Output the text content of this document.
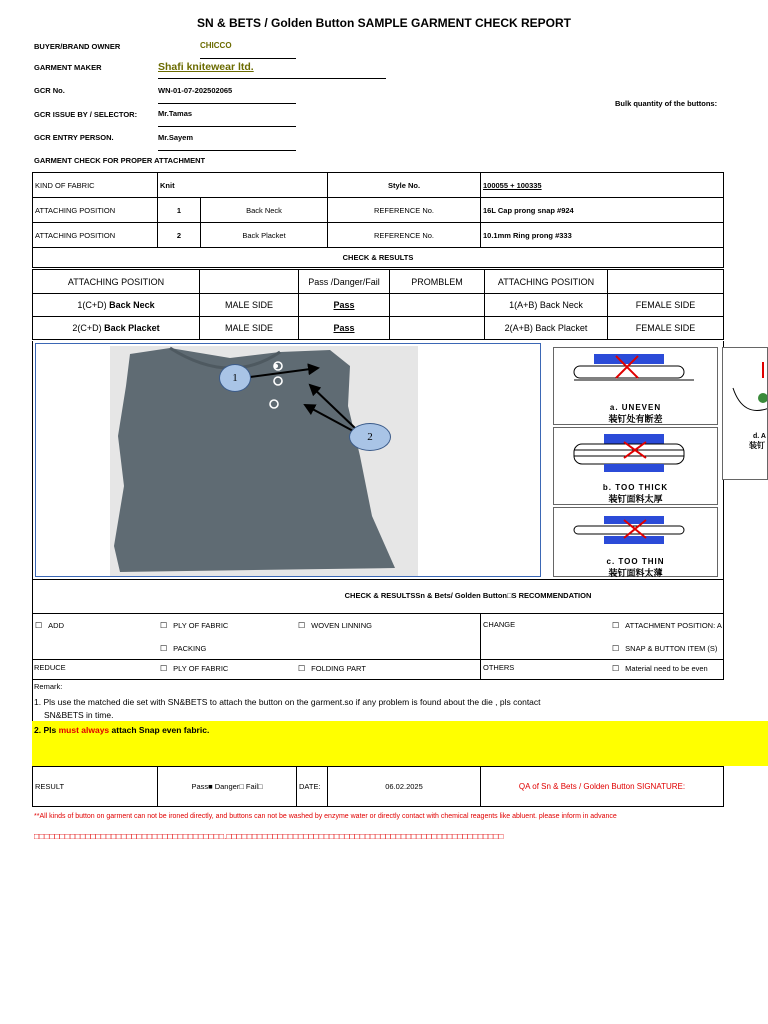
SN & BETS / Golden Button SAMPLE GARMENT CHECK REPORT
BUYER/BRAND OWNER	CHICCO
GARMENT MAKER	Shafi knitewear ltd.
GCR No.	WN-01-07-202502065
Bulk quantity of the buttons:
GCR ISSUE BY / SELECTOR:	Mr.Tamas
GCR ENTRY PERSON.	Mr.Sayem
GARMENT CHECK FOR PROPER ATTACHMENT
KIND OF FABRIC	Knit		Style No.	100055 + 100335
ATTACHING POSITION	1	Back Neck	REFERENCE No.	16L Cap prong snap #924
ATTACHING POSITION	2	Back Placket	REFERENCE No.	10.1mm Ring prong #333
CHECK & RESULTS				
ATTACHING POSITION		Pass /Danger/Fail	PROMBLEM	ATTACHING POSITION	
1(C+D) Back Neck	MALE SIDE	Pass		1(A+B) Back Neck	FEMALE SIDE
2(C+D) Back Placket	MALE SIDE	Pass		2(A+B) Back Placket	FEMALE SIDE
1
2
a. UNEVEN
装钉处有断差
b. TOO THICK
装钉面料太厚
c. TOO THIN
装钉面料太薄
d. A
装钉
CHECK & RESULTSSn & Bets/ Golden Button□S RECOMMENDATION
☐ ADD	☐ PLY OF FABRIC	☐ WOVEN LINNING
☐ PACKING
CHANGE	☐ ATTACHMENT POSITION: A
☐ SNAP & BUTTON ITEM (S)
REDUCE	☐ PLY OF FABRIC	☐ FOLDING PART	OTHERS	☐ Material need to be even
Remark:
1. Pls use the matched die set with SN&BETS to attach the button on the garment.so if any problem is found about the die , pls contact
SN&BETS in time.
2. Pls must always attach Snap even fabric.
RESULT	Pass■ Danger□ Fail□	DATE:	06.02.2025	QA of Sn & Bets / Golden Button SIGNATURE:
**All kinds of button on garment can not be ironed directly, and buttons can not be washed by enzyme water or directly contact with chemical reagents like abluent. please inform in advance
□□□□□□□□□□□□□□□□□□□□□□□□□□□□□□□□□□□□□.□□□□□□□□□□□□□□□□□□□□□□□□□□□□□□□□□□□□□□□□□□□□□□□□□□□□□□
